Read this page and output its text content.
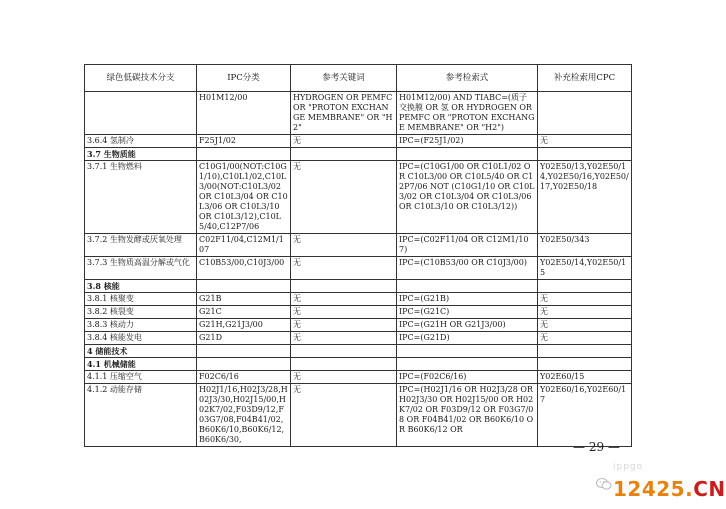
绿色低碳技术分支	IPC分类	参考关键词	参考检索式	补充检索用CPC
	H01M12/00	HYDROGEN OR PEMFC OR "PROTON EXCHANGE MEMBRANE" OR "H2"	H01M12/00) AND TIABC=(质子交换膜 OR 氢 OR HYDROGEN OR PEMFC OR "PROTON EXCHANGE MEMBRANE" OR "H2")	
3.6.4 氢制冷	F25J1/02	无	IPC=(F25J1/02)	无
3.7 生物质能				
3.7.1 生物燃料	C10G1/00(NOT:C10G1/10),C10L1/02,C10L3/00(NOT:C10L3/02 OR C10L3/04 OR C10L3/06 OR C10L3/10 OR C10L3/12),C10L5/40,C12P7/06	无	IPC=(C10G1/00 OR C10L1/02 OR C10L3/00 OR C10L5/40 OR C12P7/06 NOT (C10G1/10 OR C10L3/02 OR C10L3/04 OR C10L3/06 OR C10L3/10 OR C10L3/12))	Y02E50/13,Y02E50/14,Y02E50/16,Y02E50/17,Y02E50/18
3.7.2 生物发酵或厌氧处理	C02F11/04,C12M1/107	无	IPC=(C02F11/04 OR C12M1/107)	Y02E50/343
3.7.3 生物质高温分解或气化	C10B53/00,C10J3/00	无	IPC=(C10B53/00 OR C10J3/00)	Y02E50/14,Y02E50/15
3.8 核能				
3.8.1 核聚变	G21B	无	IPC=(G21B)	无
3.8.2 核裂变	G21C	无	IPC=(G21C)	无
3.8.3 核动力	G21H,G21J3/00	无	IPC=(G21H OR G21J3/00)	无
3.8.4 核能发电	G21D	无	IPC=(G21D)	无
4 储能技术				
4.1 机械储能				
4.1.1 压缩空气	F02C6/16	无	IPC=(F02C6/16)	Y02E60/15
4.1.2 动能存储	H02J1/16,H02J3/28,H02J3/30,H02J15/00,H02K7/02,F03D9/12,F03G7/08,F04B41/02,B60K6/10,B60K6/12,B60K6/30,	无	IPC=(H02J1/16 OR H02J3/28 OR H02J3/30 OR H02J15/00 OR H02K7/02 OR F03D9/12 OR F03G7/08 OR F04B41/02 OR B60K6/10 OR B60K6/12 OR	Y02E60/16,Y02E60/17
— 29 —
ippgo
12425.CN
